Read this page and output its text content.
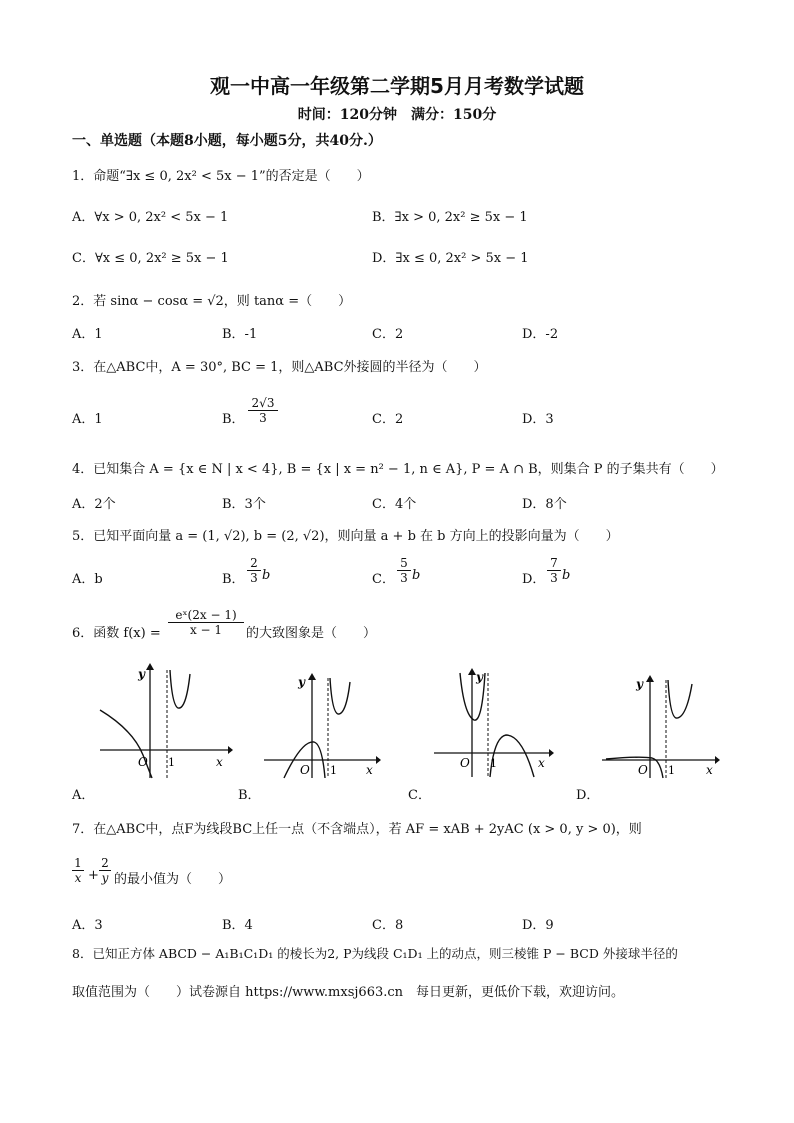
观一中高一年级第二学期5月月考数学试题
时间：120分钟　满分：150分
一、单选题（本题8小题，每小题5分，共40分.）
1．命题“∃x ≤ 0, 2x² < 5x − 1”的否定是（　　）
A．∀x > 0, 2x² < 5x − 1	B．∃x > 0, 2x² ≥ 5x − 1
C．∀x ≤ 0, 2x² ≥ 5x − 1	D．∃x ≤ 0, 2x² > 5x − 1
2．若 sinα − cosα = √2，则 tanα =（　　）
A．1	B．-1	C．2	D．-2
3．在△ABC中，A = 30°, BC = 1，则△ABC外接圆的半径为（　　）
A．1	B． $\frac{2√3}{3}$	C．2	D．3
4．已知集合 A = {x ∈ N | x < 4}, B = {x | x = n² − 1, n ∈ A}, P = A ∩ B，则集合 P 的子集共有（　　）
A．2个	B．3个	C．4个	D．8个
5．已知平面向量 a = (1, √2), b = (2, √2)，则向量 a + b 在 b 方向上的投影向量为（　　）
A．b	B． $\frac{2}{3}$ b	C． $\frac{5}{3}$ b	D． $\frac{7}{3}$ b
6．函数 $f(x) = \frac{\text{eˣ(2x − 1)}}{x - 1}$ 的大致图象是（　　）
O 1	x
y
A．
O 1 x
y
B．
O 1	x
y
C．
O 1	x
y
D．
7．在△ABC中，点F为线段BC上任一点（不含端点），若 AF = xAB + 2yAC (x > 0, y > 0)，则
$\frac{1}{x} + \frac{2}{y}$ 的最小值为（　　）
A．3	B．4	C．8	D．9
8．已知正方体 ABCD − A₁B₁C₁D₁ 的棱长为2, P为线段 C₁D₁ 上的动点，则三棱锥 P − BCD 外接球半径的
取值范围为（　　）试卷源自 https://www.mxsj663.cn　每日更新，更低价下载，欢迎访问。
